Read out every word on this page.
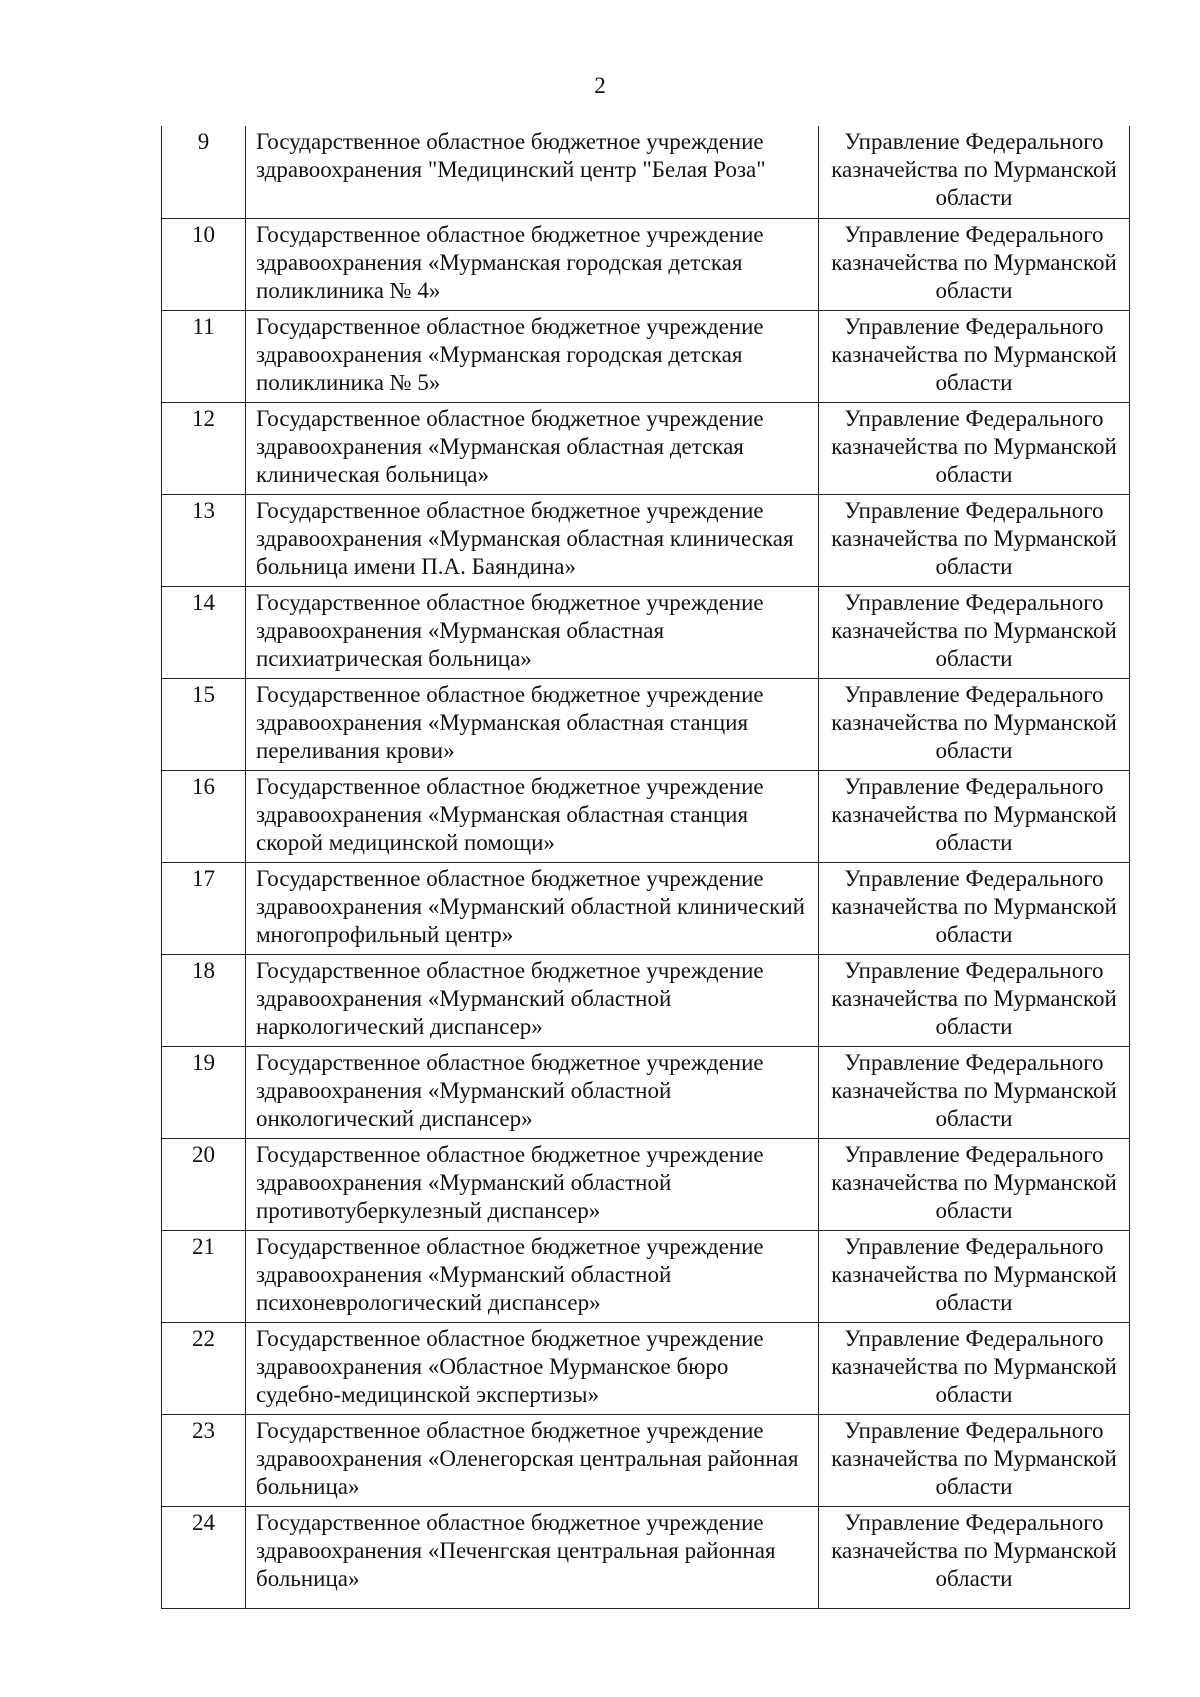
2
9	Государственное областное бюджетное учреждение здравоохранения "Медицинский центр "Белая Роза"	Управление Федерального казначейства по Мурманской области
10	Государственное областное бюджетное учреждение здравоохранения «Мурманская городская детская поликлиника № 4»	Управление Федерального казначейства по Мурманской области
11	Государственное областное бюджетное учреждение здравоохранения «Мурманская городская детская поликлиника № 5»	Управление Федерального казначейства по Мурманской области
12	Государственное областное бюджетное учреждение здравоохранения «Мурманская областная детская клиническая больница»	Управление Федерального казначейства по Мурманской области
13	Государственное областное бюджетное учреждение здравоохранения «Мурманская областная клиническая больница имени П.А. Баяндина»	Управление Федерального казначейства по Мурманской области
14	Государственное областное бюджетное учреждение здравоохранения «Мурманская областная психиатрическая больница»	Управление Федерального казначейства по Мурманской области
15	Государственное областное бюджетное учреждение здравоохранения «Мурманская областная станция переливания крови»	Управление Федерального казначейства по Мурманской области
16	Государственное областное бюджетное учреждение здравоохранения «Мурманская областная станция скорой медицинской помощи»	Управление Федерального казначейства по Мурманской области
17	Государственное областное бюджетное учреждение здравоохранения «Мурманский областной клинический многопрофильный центр»	Управление Федерального казначейства по Мурманской области
18	Государственное областное бюджетное учреждение здравоохранения «Мурманский областной наркологический диспансер»	Управление Федерального казначейства по Мурманской области
19	Государственное областное бюджетное учреждение здравоохранения «Мурманский областной онкологический диспансер»	Управление Федерального казначейства по Мурманской области
20	Государственное областное бюджетное учреждение здравоохранения «Мурманский областной противотуберкулезный диспансер»	Управление Федерального казначейства по Мурманской области
21	Государственное областное бюджетное учреждение здравоохранения «Мурманский областной психоневрологический диспансер»	Управление Федерального казначейства по Мурманской области
22	Государственное областное бюджетное учреждение здравоохранения «Областное Мурманское бюро судебно-медицинской экспертизы»	Управление Федерального казначейства по Мурманской области
23	Государственное областное бюджетное учреждение здравоохранения «Оленегорская центральная районная больница»	Управление Федерального казначейства по Мурманской области
24	Государственное областное бюджетное учреждение здравоохранения «Печенгская центральная районная больница»	Управление Федерального казначейства по Мурманской области
